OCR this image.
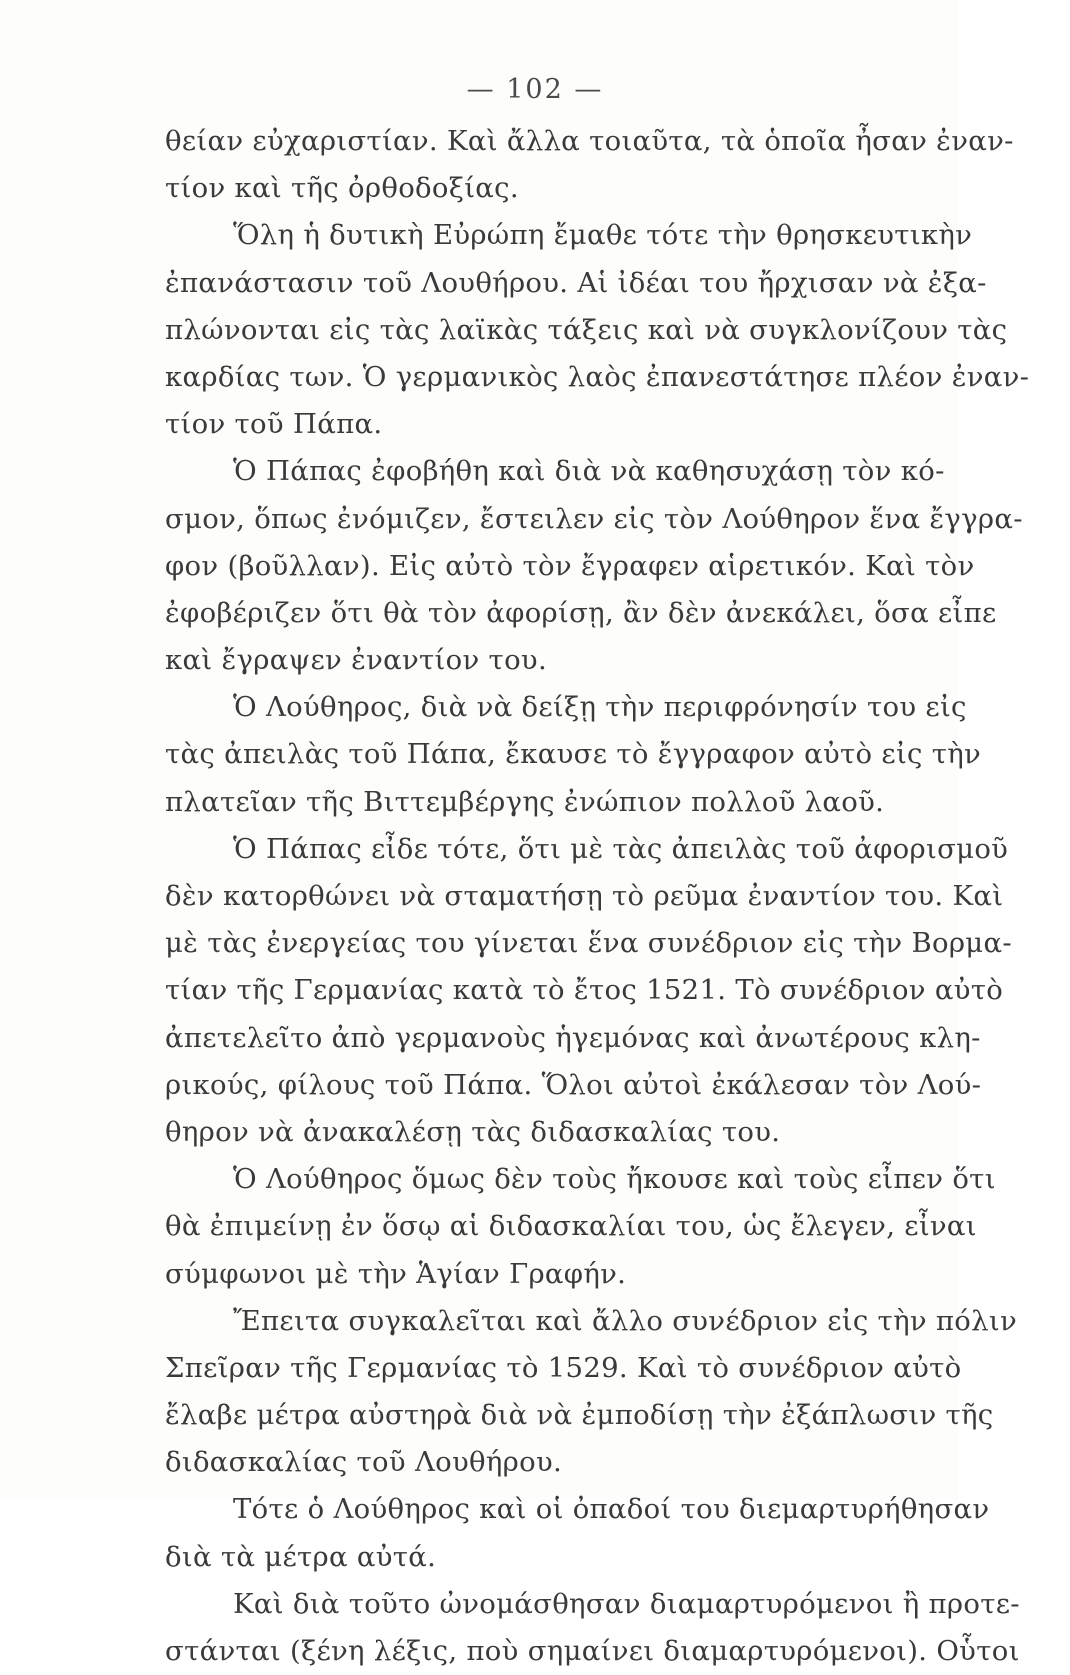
— 102 —
θείαν εὐχαριστίαν. Καὶ ἄλλα τοιαῦτα, τὰ ὁποῖα ἦσαν ἐναν-
τίον καὶ τῆς ὀρθοδοξίας.
Ὅλη ἡ δυτικὴ Εὐρώπη ἔμαθε τότε τὴν θρησκευτικὴν
ἐπανάστασιν τοῦ Λουθήρου. Αἱ ἰδέαι του ἤρχισαν νὰ ἐξα-
πλώνονται εἰς τὰς λαϊκὰς τάξεις καὶ νὰ συγκλονίζουν τὰς
καρδίας των. Ὁ γερμανικὸς λαὸς ἐπανεστάτησε πλέον ἐναν-
τίον τοῦ Πάπα.
Ὁ Πάπας ἐφοβήθη καὶ διὰ νὰ καθησυχάσῃ τὸν κό-
σμον, ὅπως ἐνόμιζεν, ἔστειλεν εἰς τὸν Λούθηρον ἕνα ἔγγρα-
φον (βοῦλλαν). Εἰς αὐτὸ τὸν ἔγραφεν αἱρετικόν. Καὶ τὸν
ἐφοβέριζεν ὅτι θὰ τὸν ἀφορίσῃ, ἂν δὲν ἀνεκάλει, ὅσα εἶπε
καὶ ἔγραψεν ἐναντίον του.
Ὁ Λούθηρος, διὰ νὰ δείξῃ τὴν περιφρόνησίν του εἰς
τὰς ἀπειλὰς τοῦ Πάπα, ἔκαυσε τὸ ἔγγραφον αὐτὸ εἰς τὴν
πλατεῖαν τῆς Βιττεμβέργης ἐνώπιον πολλοῦ λαοῦ.
Ὁ Πάπας εἶδε τότε, ὅτι μὲ τὰς ἀπειλὰς τοῦ ἀφορισμοῦ
δὲν κατορθώνει νὰ σταματήσῃ τὸ ρεῦμα ἐναντίον του. Καὶ
μὲ τὰς ἐνεργείας του γίνεται ἕνα συνέδριον εἰς τὴν Βορμα-
τίαν τῆς Γερμανίας κατὰ τὸ ἔτος 1521. Τὸ συνέδριον αὐτὸ
ἀπετελεῖτο ἀπὸ γερμανοὺς ἡγεμόνας καὶ ἀνωτέρους κλη-
ρικούς, φίλους τοῦ Πάπα. Ὅλοι αὐτοὶ ἐκάλεσαν τὸν Λού-
θηρον νὰ ἀνακαλέσῃ τὰς διδασκαλίας του.
Ὁ Λούθηρος ὅμως δὲν τοὺς ἤκουσε καὶ τοὺς εἶπεν ὅτι
θὰ ἐπιμείνῃ ἐν ὅσῳ αἱ διδασκαλίαι του, ὡς ἔλεγεν, εἶναι
σύμφωνοι μὲ τὴν Ἁγίαν Γραφήν.
Ἔπειτα συγκαλεῖται καὶ ἄλλο συνέδριον εἰς τὴν πόλιν
Σπεῖραν τῆς Γερμανίας τὸ 1529. Καὶ τὸ συνέδριον αὐτὸ
ἔλαβε μέτρα αὐστηρὰ διὰ νὰ ἐμποδίσῃ τὴν ἐξάπλωσιν τῆς
διδασκαλίας τοῦ Λουθήρου.
Τότε ὁ Λούθηρος καὶ οἱ ὀπαδοί του διεμαρτυρήθησαν
διὰ τὰ μέτρα αὐτά.
Καὶ διὰ τοῦτο ὠνομάσθησαν διαμαρτυρόμενοι ἢ προτε-
στάνται (ξένη λέξις, ποὺ σημαίνει διαμαρτυρόμενοι). Οὗτοι
